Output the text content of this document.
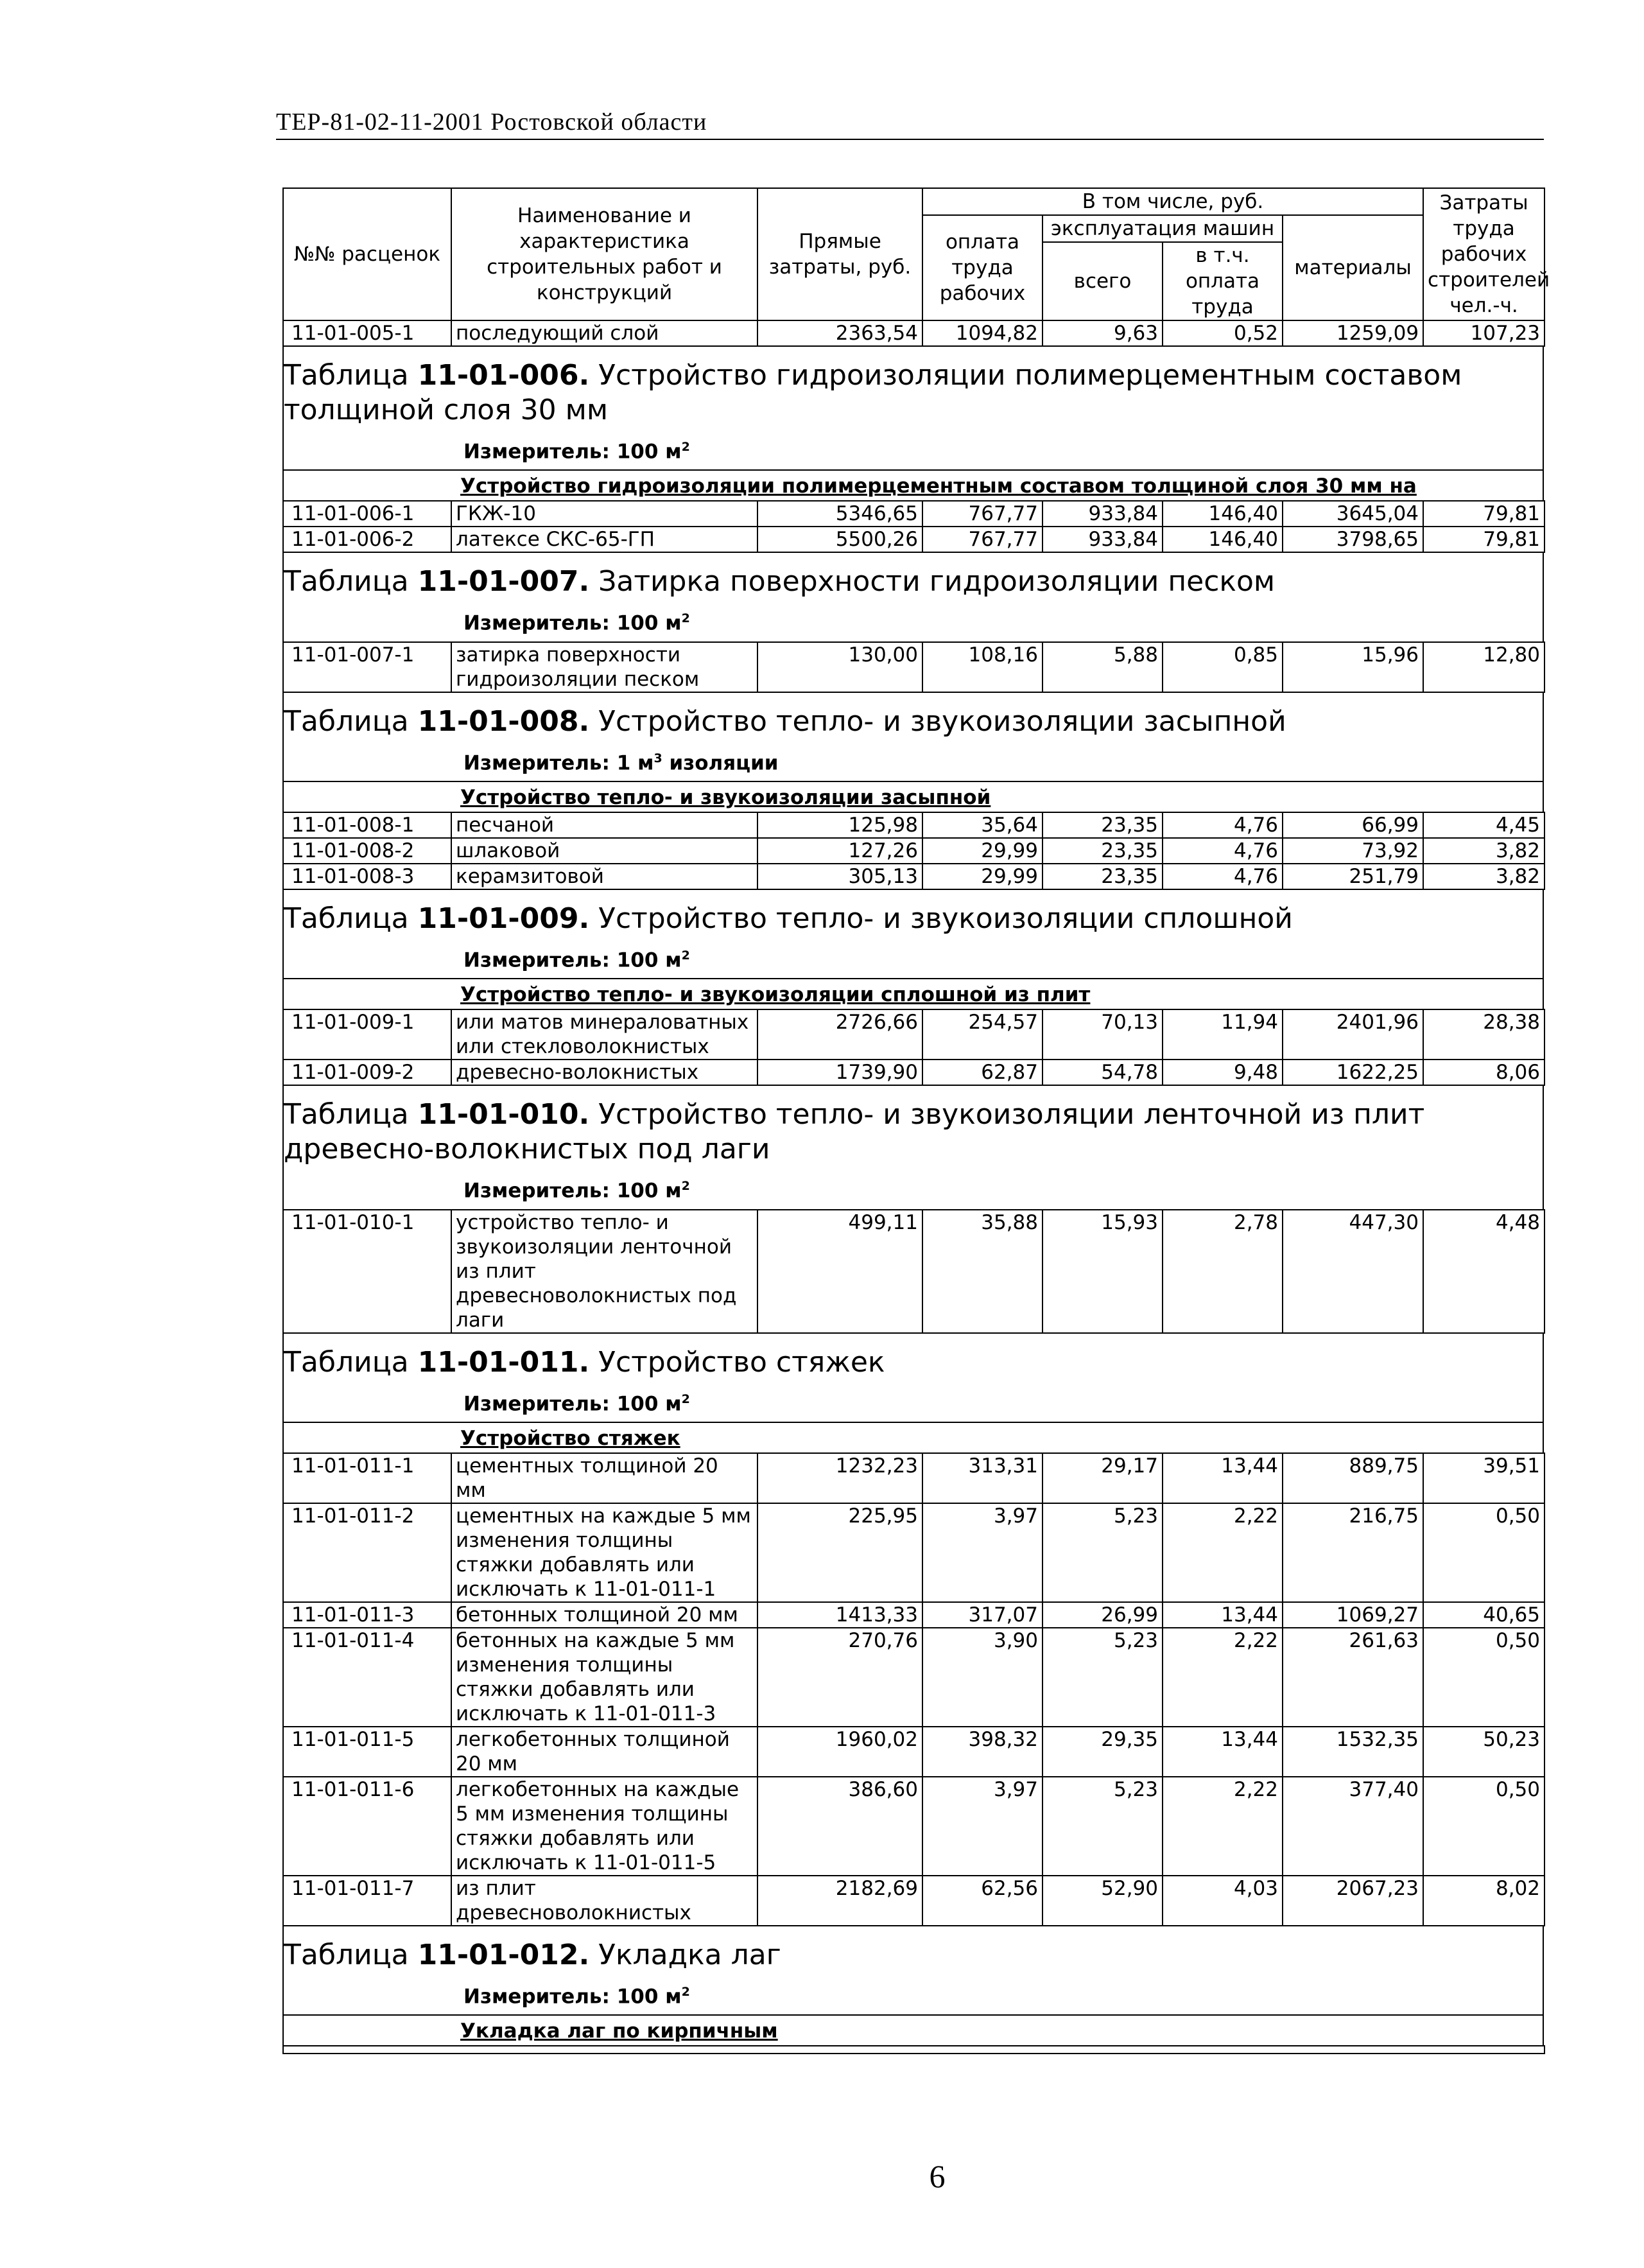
ТЕР-81-02-11-2001 Ростовской области
№№ расценок	Наименование и характеристика строительных работ и конструкций	Прямые затраты, руб.	В том числе, руб.				Затраты труда рабочих строителей чел.-ч.
			оплата труда рабочих	эксплуатация машин		материалы	
				всего	в т.ч. оплата труда		
11-01-005-1	последующий слой	2363,54	1094,82	9,63	0,52	1259,09	107,23
Таблица 11-01-006. Устройство гидроизоляции полимерцементным составом толщиной слоя 30 мм
Измеритель: 100 $м^2$
Устройство гидроизоляции полимерцементным составом толщиной слоя 30 мм на
11-01-006-1	ГКЖ-10	5346,65	767,77	933,84	146,40	3645,04	79,81
11-01-006-2	латексе СКС-65-ГП	5500,26	767,77	933,84	146,40	3798,65	79,81
Таблица 11-01-007. Затирка поверхности гидроизоляции песком
Измеритель: 100 $м^2$
11-01-007-1	затирка поверхности гидроизоляции песком	130,00	108,16	5,88	0,85	15,96	12,80
Таблица 11-01-008. Устройство тепло- и звукоизоляции засыпной
Измеритель: 1 $м^3$ изоляции
Устройство тепло- и звукоизоляции засыпной
11-01-008-1	песчаной	125,98	35,64	23,35	4,76	66,99	4,45
11-01-008-2	шлаковой	127,26	29,99	23,35	4,76	73,92	3,82
11-01-008-3	керамзитовой	305,13	29,99	23,35	4,76	251,79	3,82
Таблица 11-01-009. Устройство тепло- и звукоизоляции сплошной
Измеритель: 100 $м^2$
Устройство тепло- и звукоизоляции сплошной из плит
11-01-009-1	или матов минераловатных или стекловолокнистых	2726,66	254,57	70,13	11,94	2401,96	28,38
11-01-009-2	древесно-волокнистых	1739,90	62,87	54,78	9,48	1622,25	8,06
Таблица 11-01-010. Устройство тепло- и звукоизоляции ленточной из плит древесно-волокнистых под лаги
Измеритель: 100 $м^2$
11-01-010-1	устройство тепло- и звукоизоляции ленточной из плит древесноволокнистых под лаги	499,11	35,88	15,93	2,78	447,30	4,48
Таблица 11-01-011. Устройство стяжек
Измеритель: 100 $м^2$
Устройство стяжек
11-01-011-1	цементных толщиной 20 мм	1232,23	313,31	29,17	13,44	889,75	39,51
11-01-011-2	цементных на каждые 5 мм изменения толщины стяжки добавлять или исключать к 11-01-011-1	225,95	3,97	5,23	2,22	216,75	0,50
11-01-011-3	бетонных толщиной 20 мм	1413,33	317,07	26,99	13,44	1069,27	40,65
11-01-011-4	бетонных на каждые 5 мм изменения толщины стяжки добавлять или исключать к 11-01-011-3	270,76	3,90	5,23	2,22	261,63	0,50
11-01-011-5	легкобетонных толщиной 20 мм	1960,02	398,32	29,35	13,44	1532,35	50,23
11-01-011-6	легкобетонных на каждые 5 мм изменения толщины стяжки добавлять или исключать к 11-01-011-5	386,60	3,97	5,23	2,22	377,40	0,50
11-01-011-7	из плит древесноволокнистых	2182,69	62,56	52,90	4,03	2067,23	8,02
Таблица 11-01-012. Укладка лаг
Измеритель: 100 $м^2$
Укладка лаг по кирпичным
6
